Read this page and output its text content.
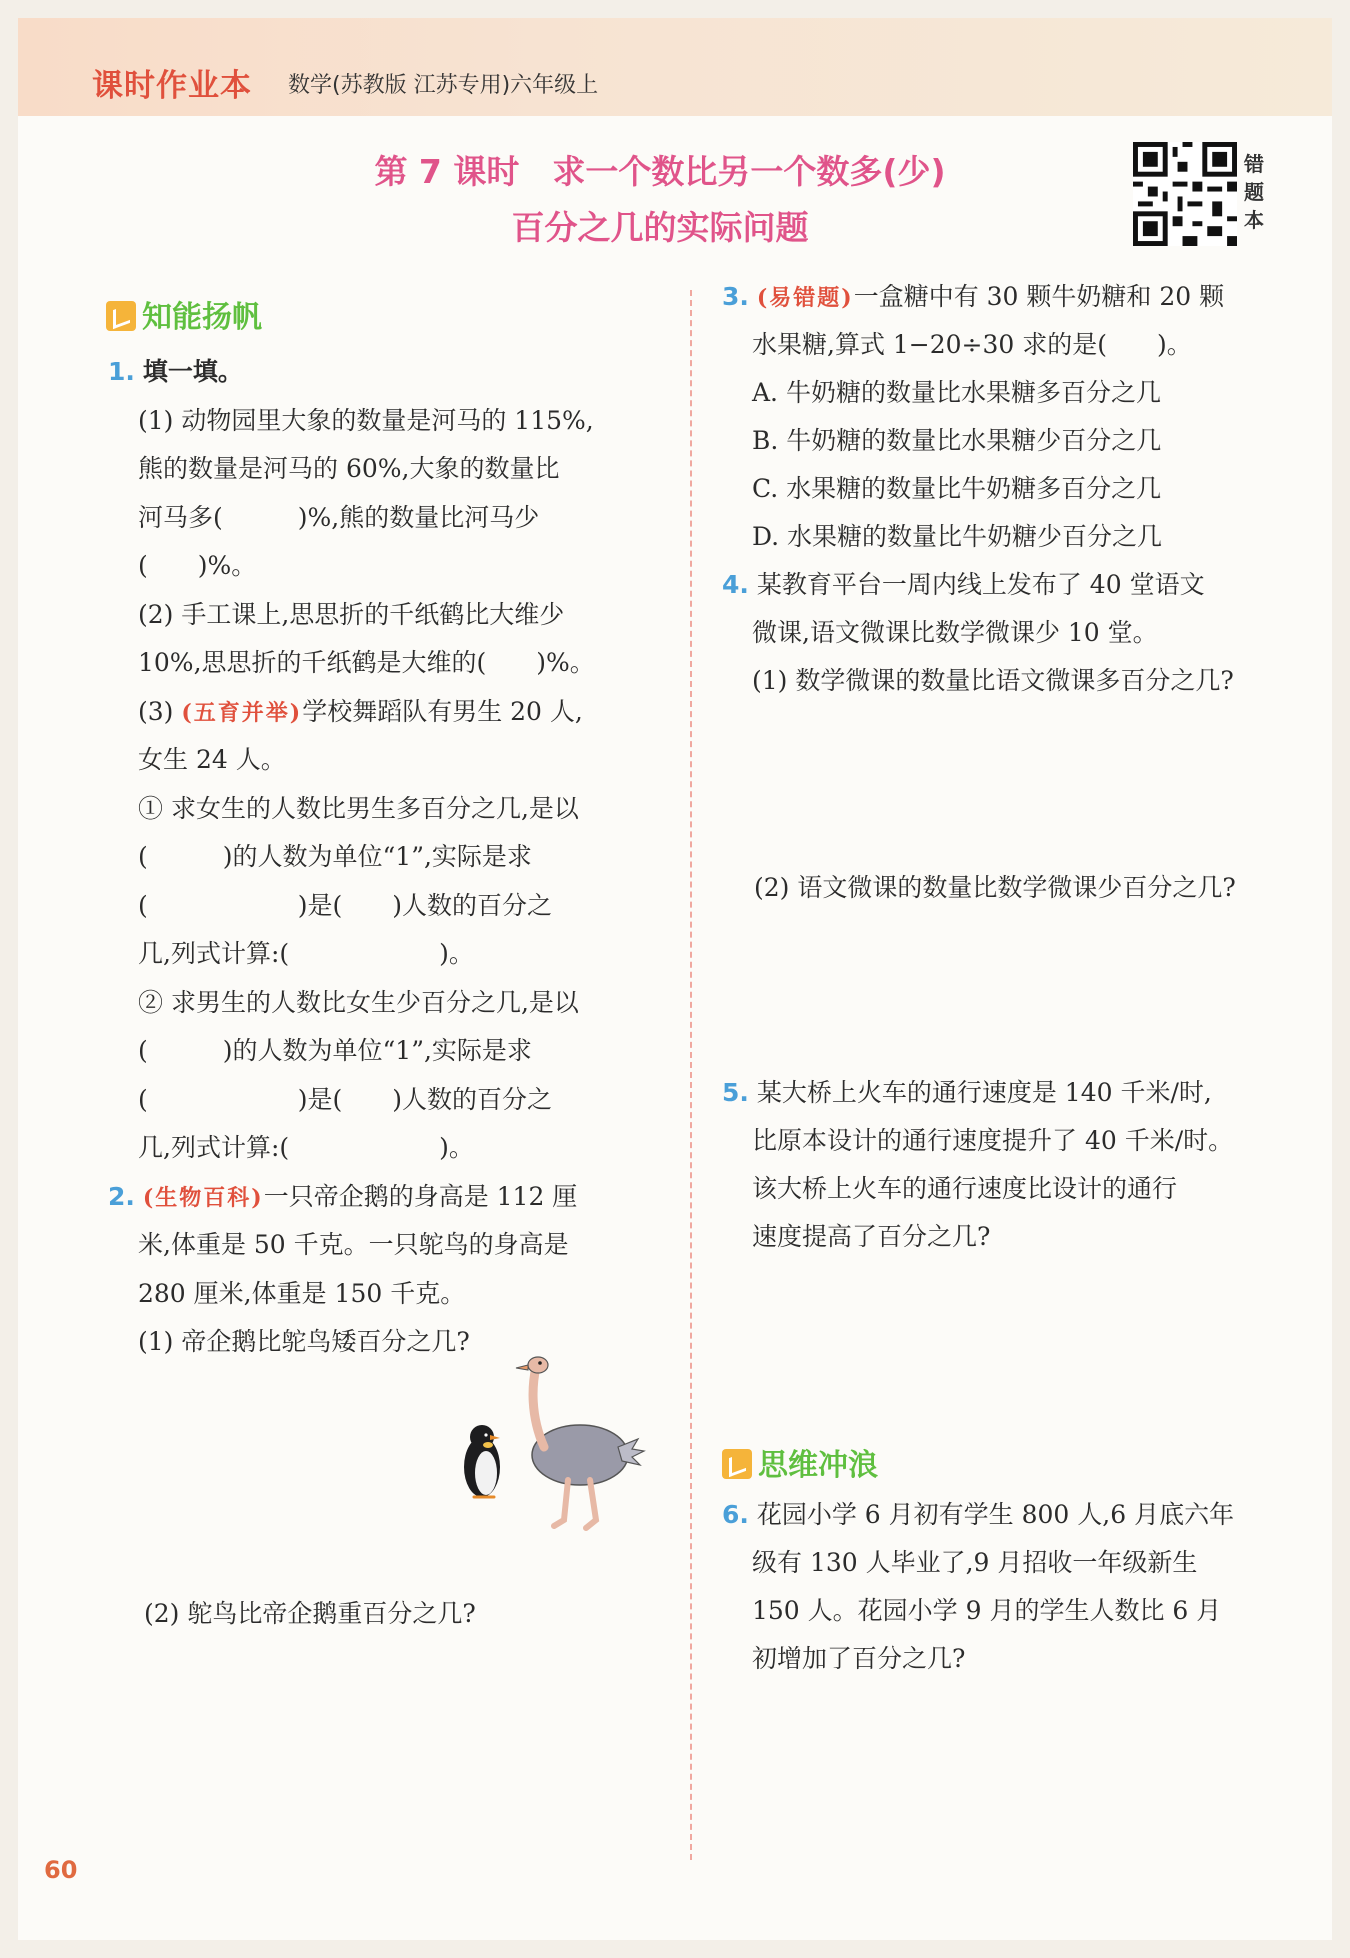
课时作业本 数学(苏教版 江苏专用)六年级上
第 7 课时　求一个数比另一个数多(少)
百分之几的实际问题
错
题
本
知能扬帆
1. 填一填。
(1) 动物园里大象的数量是河马的 115%,
熊的数量是河马的 60%,大象的数量比
河马多(　　　)%,熊的数量比河马少
(　　)%。
(2) 手工课上,思思折的千纸鹤比大维少
10%,思思折的千纸鹤是大维的(　　)%。
(3) (五育并举)学校舞蹈队有男生 20 人,
女生 24 人。
① 求女生的人数比男生多百分之几,是以
(　　　)的人数为单位“1”,实际是求
(　　　　　　)是(　　)人数的百分之
几,列式计算:(　　　　　　)。
② 求男生的人数比女生少百分之几,是以
(　　　)的人数为单位“1”,实际是求
(　　　　　　)是(　　)人数的百分之
几,列式计算:(　　　　　　)。
2. (生物百科)一只帝企鹅的身高是 112 厘
米,体重是 50 千克。一只鸵鸟的身高是
280 厘米,体重是 150 千克。
(1) 帝企鹅比鸵鸟矮百分之几?
(2) 鸵鸟比帝企鹅重百分之几?
3. (易错题)一盒糖中有 30 颗牛奶糖和 20 颗
水果糖,算式 1−20÷30 求的是(　　)。
A. 牛奶糖的数量比水果糖多百分之几
B. 牛奶糖的数量比水果糖少百分之几
C. 水果糖的数量比牛奶糖多百分之几
D. 水果糖的数量比牛奶糖少百分之几
4. 某教育平台一周内线上发布了 40 堂语文
微课,语文微课比数学微课少 10 堂。
(1) 数学微课的数量比语文微课多百分之几?
(2) 语文微课的数量比数学微课少百分之几?
5. 某大桥上火车的通行速度是 140 千米/时,
比原本设计的通行速度提升了 40 千米/时。
该大桥上火车的通行速度比设计的通行
速度提高了百分之几?
思维冲浪
6. 花园小学 6 月初有学生 800 人,6 月底六年
级有 130 人毕业了,9 月招收一年级新生
150 人。花园小学 9 月的学生人数比 6 月
初增加了百分之几?
60
